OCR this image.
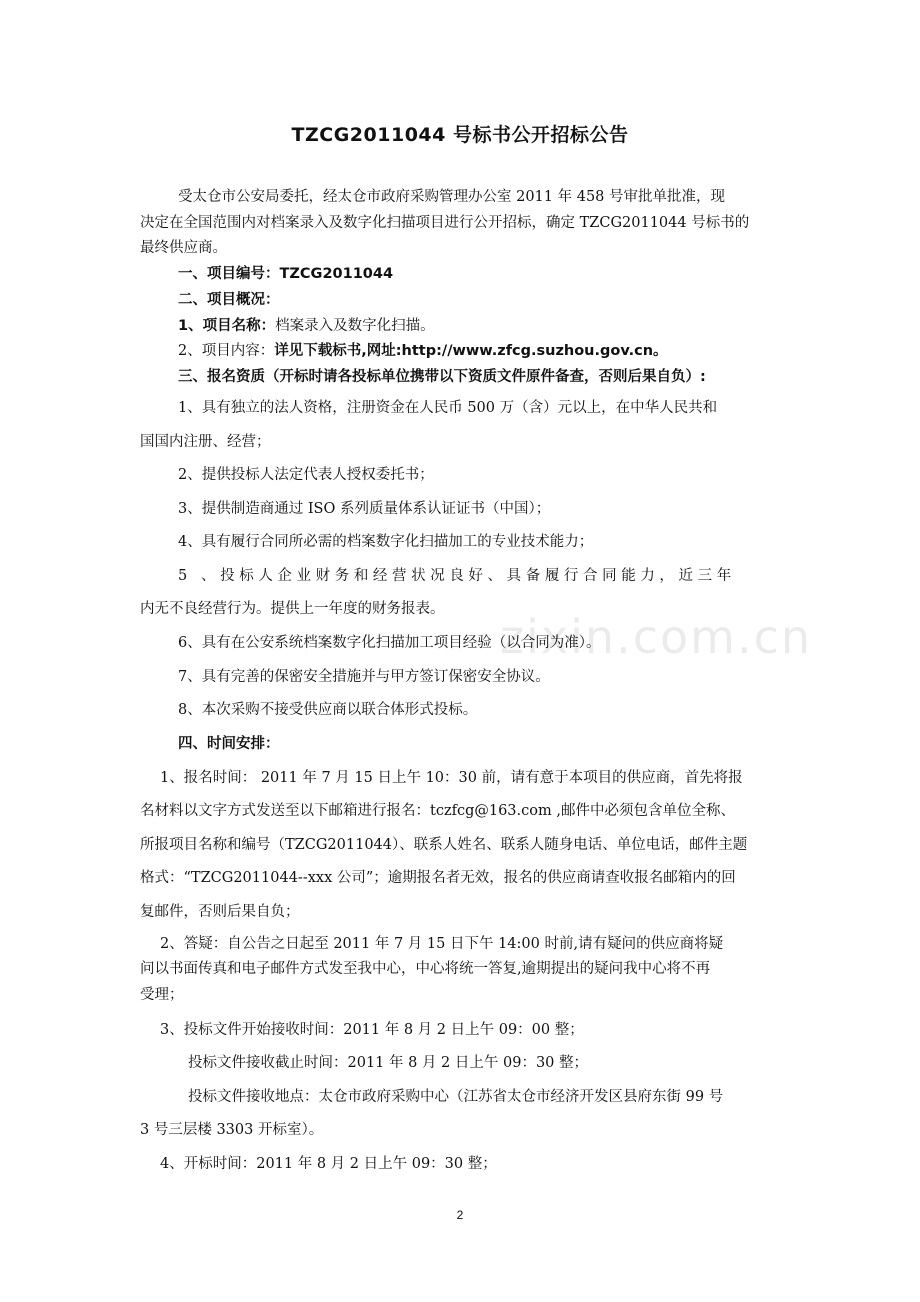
zixin.com.cn
TZCG2011044 号标书公开招标公告
受太仓市公安局委托，经太仓市政府采购管理办公室 2011 年 458 号审批单批准，现
决定在全国范围内对档案录入及数字化扫描项目进行公开招标，确定 TZCG2011044 号标书的
最终供应商。
一、项目编号：TZCG2011044
二、项目概况：
1、项目名称：档案录入及数字化扫描。
2、项目内容：详见下载标书,网址:http://www.zfcg.suzhou.gov.cn。
三、报名资质（开标时请各投标单位携带以下资质文件原件备查，否则后果自负）:
1、具有独立的法人资格，注册资金在人民币 500 万（含）元以上，在中华人民共和
国国内注册、经营；
2、提供投标人法定代表人授权委托书；
3、提供制造商通过 ISO 系列质量体系认证证书（中国）；
4、具有履行合同所必需的档案数字化扫描加工的专业技术能力；
5 、投标人企业财务和经营状况良好、具备履行合同能力，近三年
内无不良经营行为。提供上一年度的财务报表。
6、具有在公安系统档案数字化扫描加工项目经验（以合同为准）。
7、具有完善的保密安全措施并与甲方签订保密安全协议。
8、本次采购不接受供应商以联合体形式投标。
四、时间安排：
1、报名时间： 2011 年 7 月 15 日上午 10：30 前，请有意于本项目的供应商，首先将报
名材料以文字方式发送至以下邮箱进行报名：tczfcg@163.com ,邮件中必须包含单位全称、
所报项目名称和编号（TZCG2011044）、联系人姓名、联系人随身电话、单位电话，邮件主题
格式：“TZCG2011044--xxx 公司”；逾期报名者无效，报名的供应商请查收报名邮箱内的回
复邮件，否则后果自负；
2、答疑：自公告之日起至 2011 年 7 月 15 日下午 14:00 时前,请有疑问的供应商将疑
问以书面传真和电子邮件方式发至我中心，中心将统一答复,逾期提出的疑问我中心将不再
受理；
3、投标文件开始接收时间：2011 年 8 月 2 日上午 09：00 整；
投标文件接收截止时间：2011 年 8 月 2 日上午 09：30 整；
投标文件接收地点：太仓市政府采购中心（江苏省太仓市经济开发区县府东街 99 号
3 号三层楼 3303 开标室）。
4、开标时间：2011 年 8 月 2 日上午 09：30 整；
2
